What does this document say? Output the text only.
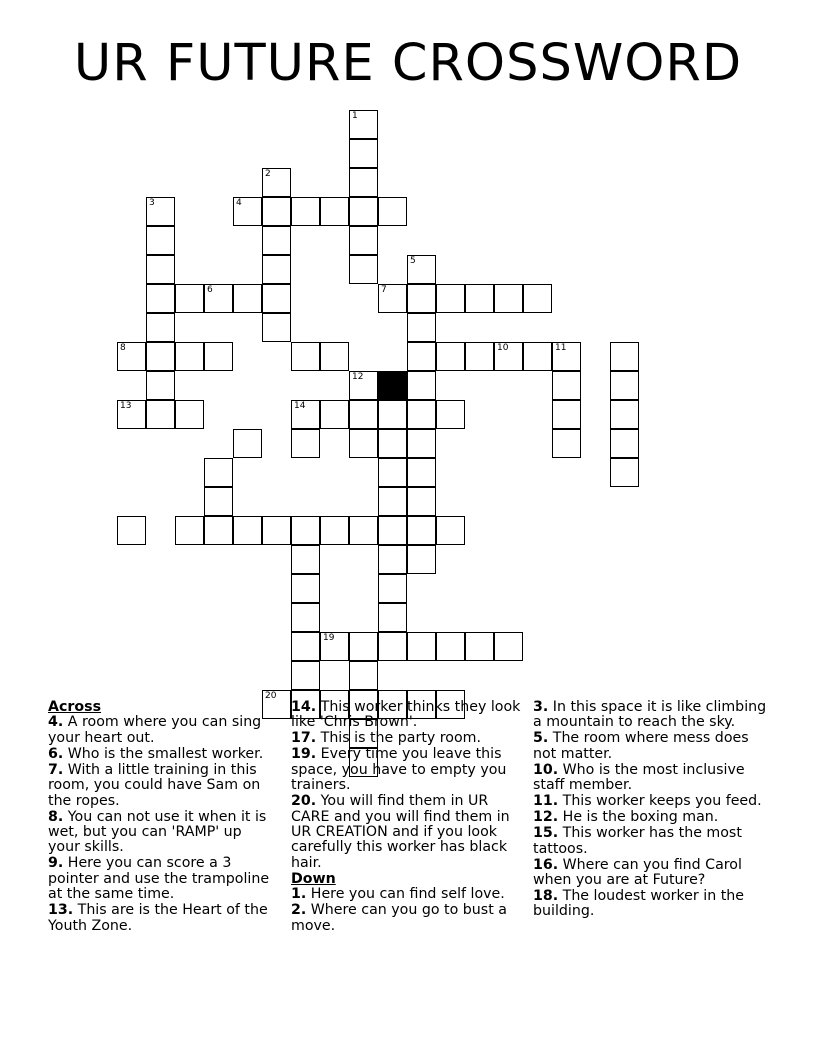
UR FUTURE CROSSWORD
1
2
3	4
5
6	7
8	10	11
12
13	14
19
20
Across
4. A room where you can sing your heart out.
6. Who is the smallest worker.
7. With a little training in this room, you could have Sam on the ropes.
8. You can not use it when it is wet, but you can 'RAMP' up your skills.
9. Here you can score a 3 pointer and use the trampoline at the same time.
13. This are is the Heart of the Youth Zone.
14. This worker thinks they look like 'Chris Brown'.
17. This is the party room.
19. Every time you leave this space, you have to empty you trainers.
20. You will find them in UR CARE and you will find them in UR CREATION and if you look carefully this worker has black hair.
Down
1. Here you can find self love.
2. Where can you go to bust a move.
3. In this space it is like climbing a mountain to reach the sky.
5. The room where mess does not matter.
10. Who is the most inclusive staff member.
11. This worker keeps you feed.
12. He is the boxing man.
15. This worker has the most tattoos.
16. Where can you find Carol when you are at Future?
18. The loudest worker in the building.
